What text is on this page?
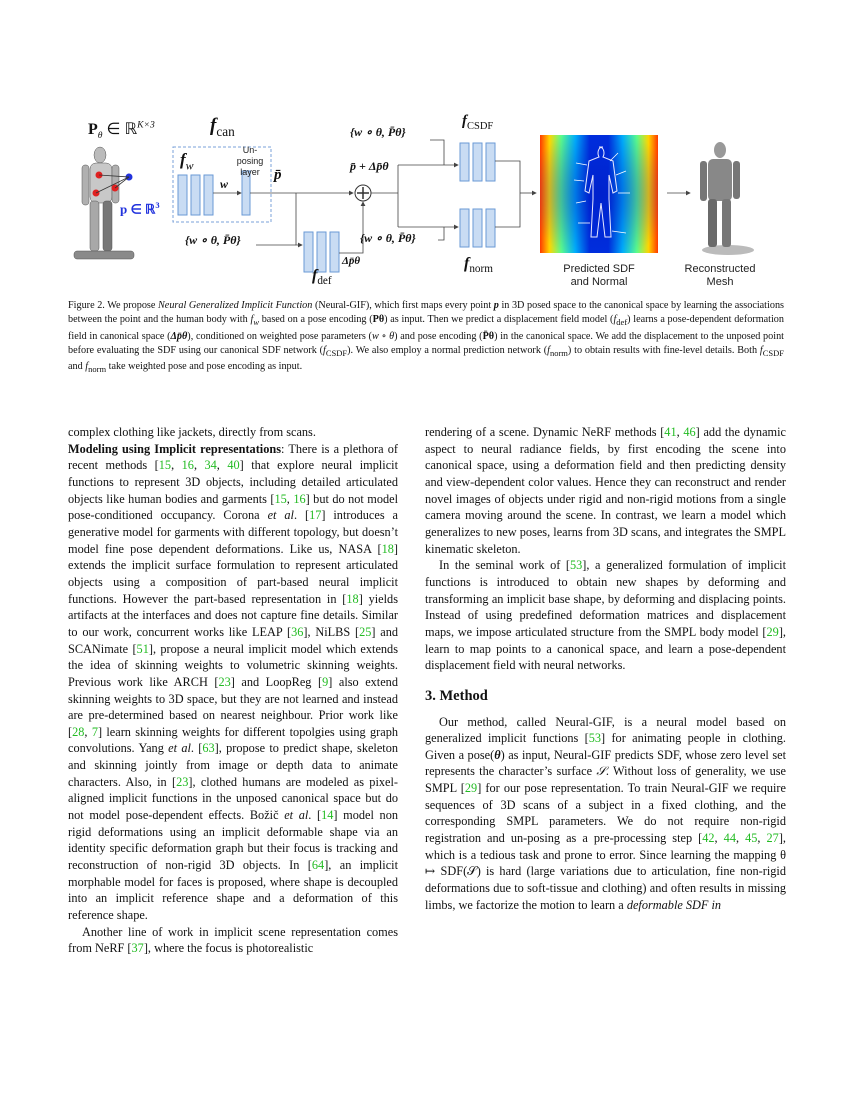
$P_\theta$ ∈ ℝ$^{K\times 3}$
p ∈ ℝ$^3$
$f_{can}$
$f_w$
Un-posing layer
w
p̄
{w ∘ θ, P̄θ}
{w ∘ θ, P̄θ}
{w ∘ θ, P̄θ}
p̄ + Δp̄θ
Δp̄θ
$f_{def}$
$f_{CSDF}$
$f_{norm}$	Predicted SDF and Normal
Reconstructed Mesh
Figure 2. We propose Neural Generalized Implicit Function (Neural-GIF), which first maps every point p in 3D posed space to the canonical space by learning the associations between the point and the human body with $f_w$ based on a pose encoding (Pθ) as input. Then we predict a displacement field model $(f_{def})$ learns a pose-dependent deformation field in canonical space (Δp̄θ), conditioned on weighted pose parameters (w ∘ θ) and pose encoding (P̄θ) in the canonical space. We add the displacement to the unposed point before evaluating the SDF using our canonical SDF network $(f_{CSDF})$. We also employ a normal prediction network $(f_{norm})$ to obtain results with fine-level details. Both $f_{CSDF}$ and $f_{norm}$ take weighted pose and pose encoding as input.

complex clothing like jackets, directly from scans.

Modeling using Implicit representations: There is a plethora of recent methods [15, 16, 34, 40] that explore neural implicit functions to represent 3D objects, including detailed articulated objects like human bodies and garments [15, 16] but do not model pose-conditioned occupancy. Corona et al. [17] introduces a generative model for garments with different topology, but doesn’t model fine pose dependent deformations. Like us, NASA [18] extends the implicit surface formulation to represent articulated objects using a composition of part-based neural implicit functions. However the part-based representation in [18] yields artifacts at the interfaces and does not capture fine details. Similar to our work, concurrent works like LEAP [36], NiLBS [25] and SCANimate [51], propose a neural implicit model which extends the idea of skinning weights to volumetric skinning weights. Previous work like ARCH [23] and LoopReg [9] also extend skinning weights to 3D space, but they are not learned and instead are pre-determined based on nearest neighbour. Prior work like [28, 7] learn skinning weights for different topolgies using graph convolutions. Yang et al. [63], propose to predict shape, skeleton and skinning jointly from image or depth data to animate characters. Also, in [23], clothed humans are modeled as pixel-aligned implicit functions in the unposed canonical space but do not model pose-dependent effects. Božič et al. [14] model non rigid deformations using an implicit deformable shape via an identity specific deformation graph but their focus is tracking and reconstruction of non-rigid 3D objects. In [64], an implicit morphable model for faces is proposed, where shape is decoupled into an implicit reference shape and a deformation of this reference shape.

Another line of work in implicit scene representation comes from NeRF [37], where the focus is photorealistic

rendering of a scene. Dynamic NeRF methods [41, 46] add the dynamic aspect to neural radiance fields, by first encoding the scene into canonical space, using a deformation field and then predicting density and view-dependent color values. Hence they can reconstruct and render novel images of objects under rigid and non-rigid motions from a single camera moving around the scene. In contrast, we learn a model which generalizes to new poses, learns from 3D scans, and integrates the SMPL kinematic skeleton.

In the seminal work of [53], a generalized formulation of implicit functions is introduced to obtain new shapes by deforming and transforming an implicit base shape, by deforming and displacing points. Instead of using predefined deformation matrices and displacement maps, we impose articulated structure from the SMPL body model [29], learn to map points to a canonical space, and learn a pose-dependent displacement field with neural networks.

3. Method

Our method, called Neural-GIF, is a neural model based on generalized implicit functions [53] for animating people in clothing. Given a pose(θ) as input, Neural-GIF predicts SDF, whose zero level set represents the character’s surface 𝒮. Without loss of generality, we use SMPL [29] for our pose representation. To train Neural-GIF we require sequences of 3D scans of a subject in a fixed clothing, and the corresponding SMPL parameters. We do not require non-rigid registration and un-posing as a pre-processing step [42, 44, 45, 27], which is a tedious task and prone to error. Since learning the mapping θ ↦ SDF(𝒮) is hard (large variations due to articulation, fine non-rigid deformations due to soft-tissue and clothing) and often results in missing limbs, we factorize the motion to learn a deformable SDF in
